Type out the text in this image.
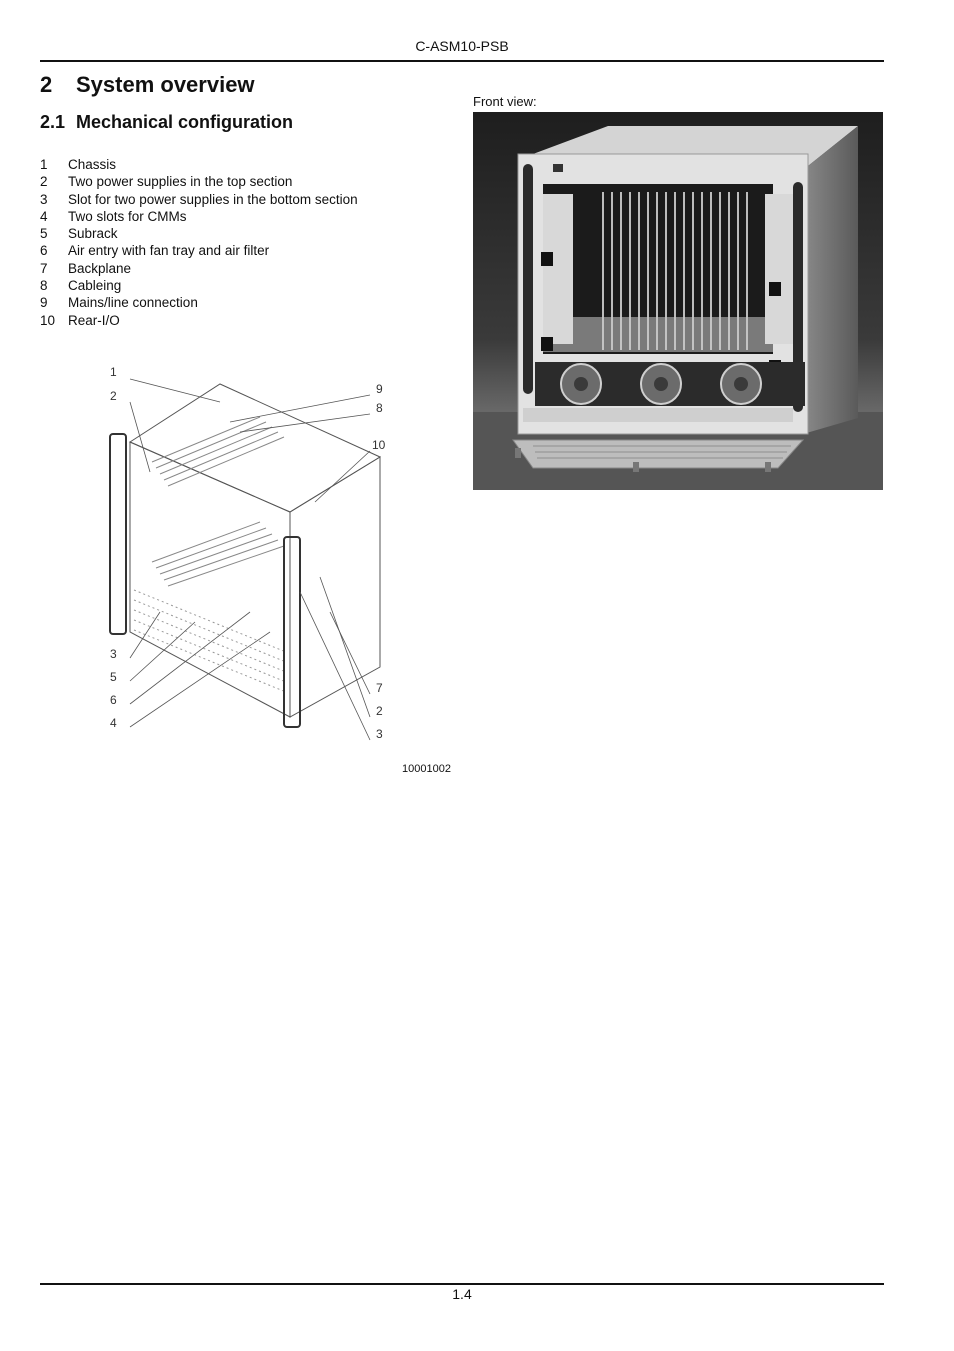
C-ASM10-PSB
2 System overview
2.1 Mechanical configuration
1 Chassis
2 Two power supplies in the top section
3 Slot for two power supplies in the bottom section
4 Two slots for CMMs
5 Subrack
6 Air entry with fan tray and air filter
7 Backplane
8 Cableing
9 Mains/line connection
10 Rear-I/O
Front view:
1
2
3
5
6
4
9
8
10
7
2
3
10001002
1.4
